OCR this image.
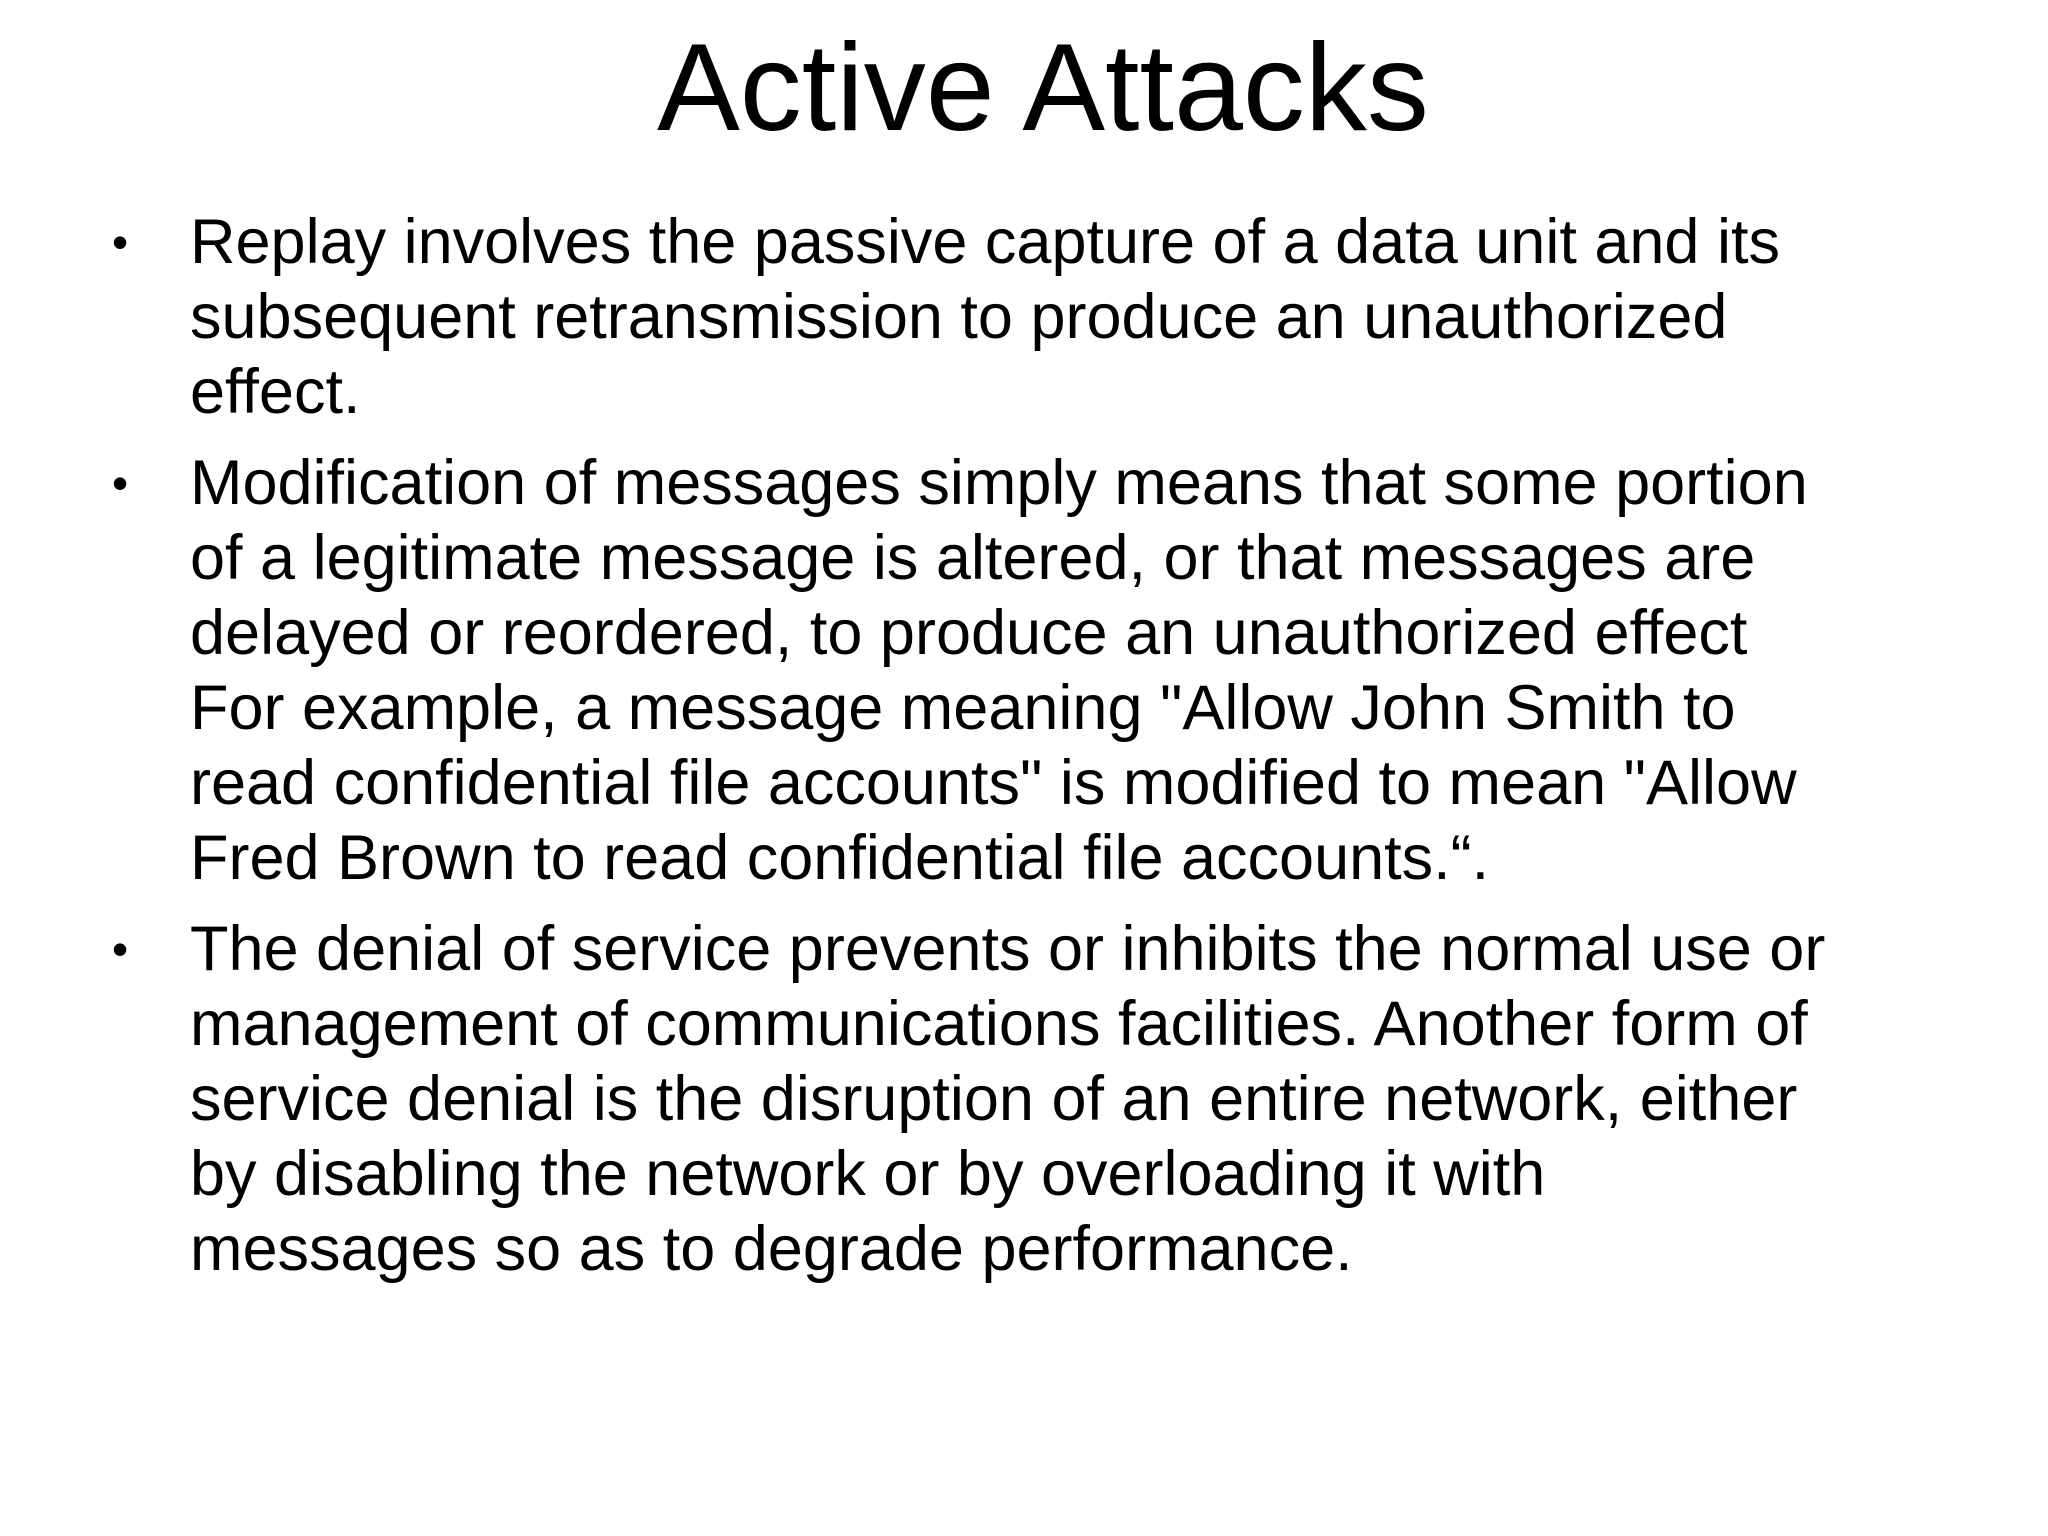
Active Attacks
• Replay involves the passive capture of a data unit and its
subsequent retransmission to produce an unauthorized
effect.
• Modification of messages simply means that some portion
of a legitimate message is altered, or that messages are
delayed or reordered, to produce an unauthorized effect
For example, a message meaning "Allow John Smith to
read confidential file accounts" is modified to mean "Allow
Fred Brown to read confidential file accounts.“.
• The denial of service prevents or inhibits the normal use or
management of communications facilities. Another form of
service denial is the disruption of an entire network, either
by disabling the network or by overloading it with
messages so as to degrade performance.
